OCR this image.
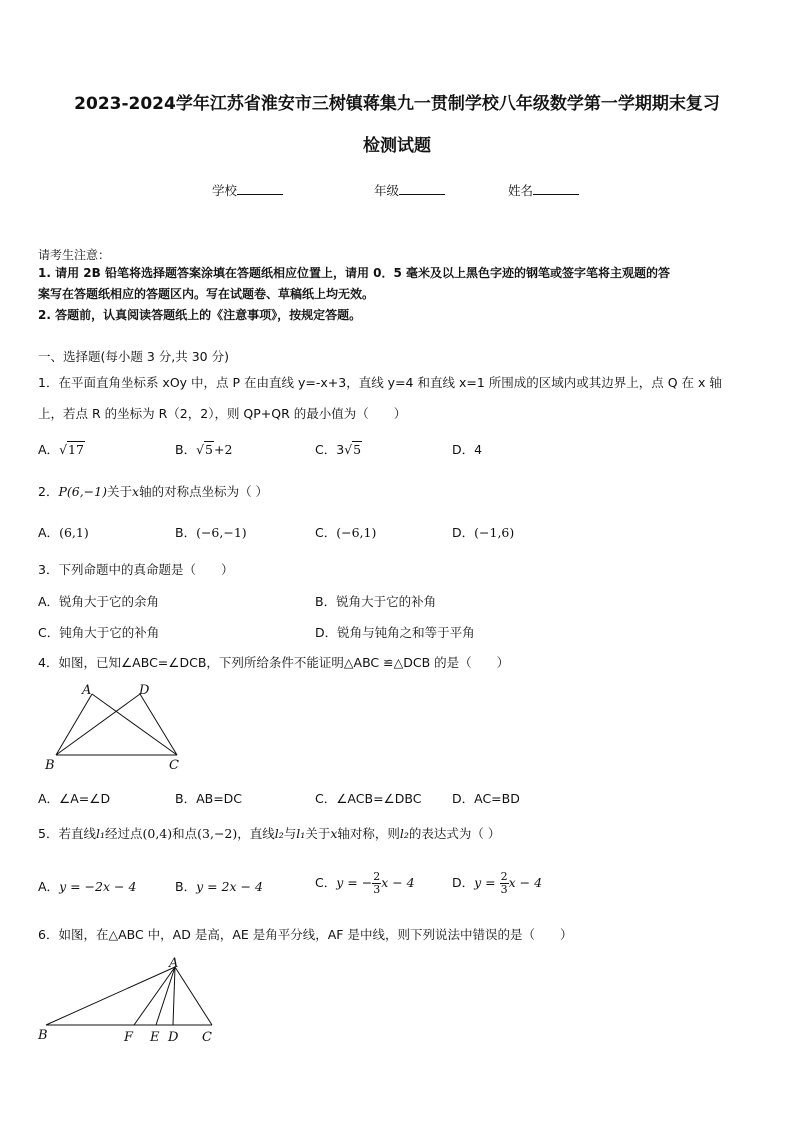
2023-2024学年江苏省淮安市三树镇蒋集九一贯制学校八年级数学第一学期期末复习
检测试题
学校	年级	姓名
请考生注意：
1. 请用 2B 铅笔将选择题答案涂填在答题纸相应位置上，请用 0．5 毫米及以上黑色字迹的钢笔或签字笔将主观题的答
案写在答题纸相应的答题区内。写在试题卷、草稿纸上均无效。
2. 答题前，认真阅读答题纸上的《注意事项》，按规定答题。
一、选择题(每小题 3 分,共 30 分)
1．在平面直角坐标系 xOy 中，点 P 在由直线 y=-x+3，直线 y=4 和直线 x=1 所围成的区域内或其边界上，点 Q 在 x 轴
上，若点 R 的坐标为 R（2，2），则 QP+QR 的最小值为（　　）
A．√17	B．√5+2	C．3√5	D．4
2．P(6,−1)关于x轴的对称点坐标为（ ）
A．(6,1)	B．(−6,−1)	C．(−6,1)	D．(−1,6)
3．下列命题中的真命题是（　　）
A．锐角大于它的余角	B．锐角大于它的补角
C．钝角大于它的补角	D．锐角与钝角之和等于平角
4．如图，已知∠ABC=∠DCB，下列所给条件不能证明△ABC ≌△DCB 的是（　　）
A	D
B	C
A．∠A=∠D	B．AB=DC	C．∠ACB=∠DBC D．AC=BD
5．若直线l₁经过点(0,4)和点(3,−2)，直线l₂与l₁关于x轴对称，则l₂的表达式为（ ）
A．y = −2x − 4	B．y = 2x − 4	C．y = − $\frac{2}{3}$ x − 4	D．$y = \frac{2}{3}$ x − 4
6．如图，在△ABC 中，AD 是高，AE 是角平分线，AF 是中线，则下列说法中错误的是（　　）
A
B	F E D C
